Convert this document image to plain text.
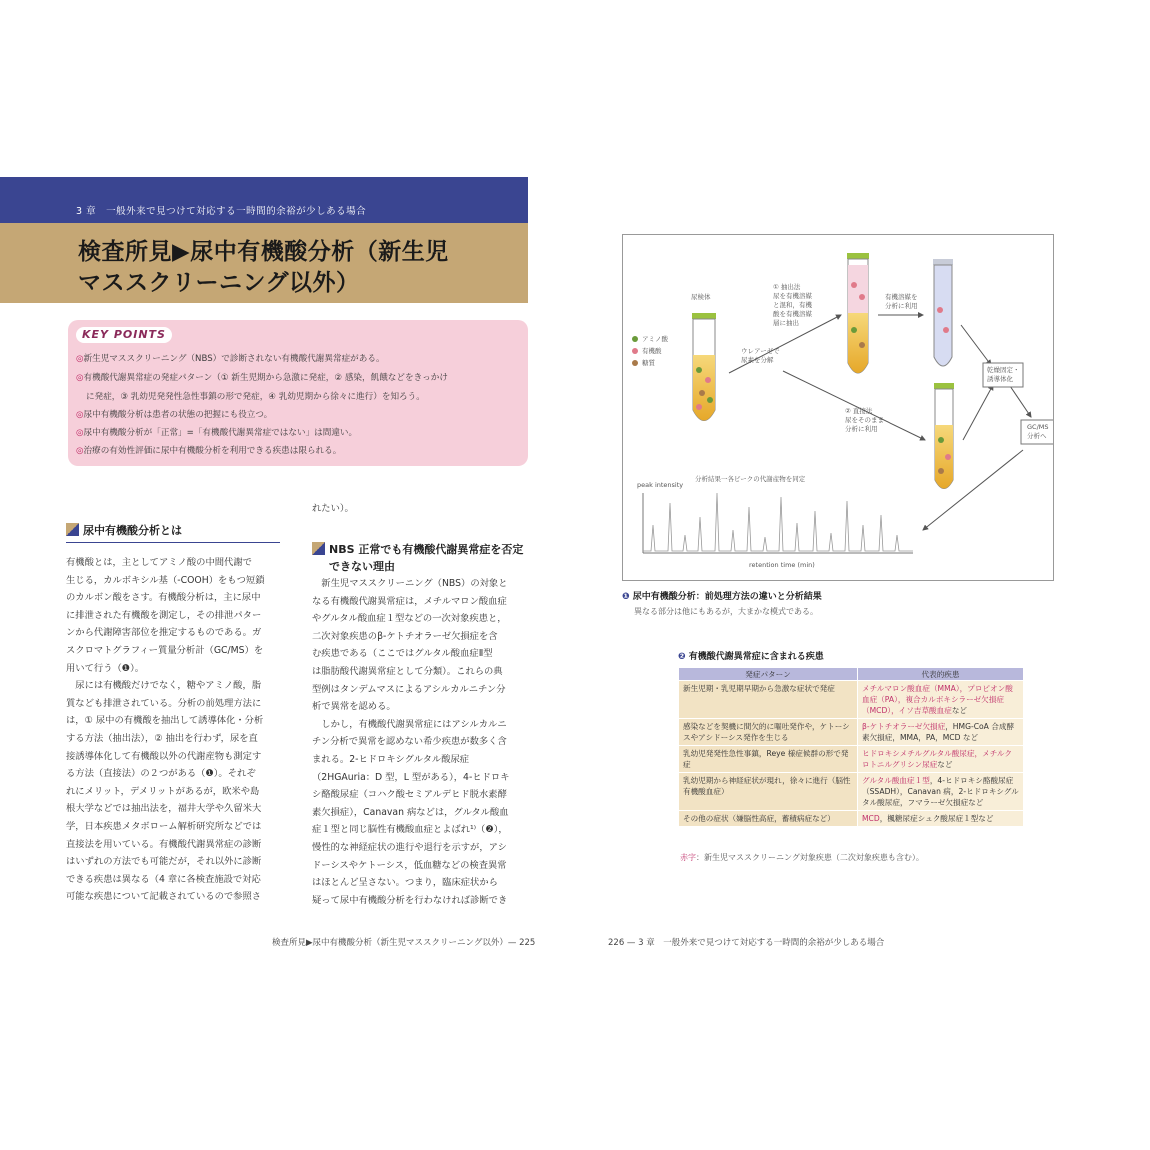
3 章　一般外来で見つけて対応する一時間的余裕が少しある場合
検査所見▶尿中有機酸分析（新生児
マススクリーニング以外）
KEY POINTS
◎新生児マススクリーニング（NBS）で診断されない有機酸代謝異常症がある。
◎有機酸代謝異常症の発症パターン（① 新生児期から急激に発症，② 感染，飢餓などをきっかけ
に発症，③ 乳幼児発発性急性事鎮の形で発症，④ 乳幼児期から徐々に進行）を知ろう。
◎尿中有機酸分析は患者の状態の把握にも役立つ。
◎尿中有機酸分析が「正常」=「有機酸代謝異常症ではない」は間違い。
◎治療の有効性評価に尿中有機酸分析を利用できる疾患は限られる。
尿中有機酸分析とは
有機酸とは，主としてアミノ酸の中間代謝で
生じる，カルボキシル基（-COOH）をもつ短鎖
のカルボン酸をさす。有機酸分析は，主に尿中
に排泄された有機酸を測定し，その排泄パター
ンから代謝障害部位を推定するものである。ガ
スクロマトグラフィー質量分析計（GC/MS）を
用いて行う（❶）。
　尿には有機酸だけでなく，糖やアミノ酸，脂
質なども排泄されている。分析の前処理方法に
は，① 尿中の有機酸を抽出して誘導体化・分析
する方法（抽出法），② 抽出を行わず，尿を直
接誘導体化して有機酸以外の代謝産物も測定す
る方法（直接法）の２つがある（❶）。それぞ
れにメリット，デメリットがあるが，欧米や島
根大学などでは抽出法を，福井大学や久留米大
学，日本疾患メタボローム解析研究所などでは
直接法を用いている。有機酸代謝異常症の診断
はいずれの方法でも可能だが，それ以外に診断
できる疾患は異なる（4 章に各検査施設で対応
可能な疾患について記載されているので参照さ
れたい）。
NBS 正常でも有機酸代謝異常症を否定
できない理由
　新生児マススクリーニング（NBS）の対象と
なる有機酸代謝異常症は，メチルマロン酸血症
やグルタル酸血症１型などの一次対象疾患と，
二次対象疾患のβ-ケトチオラーゼ欠損症を含
む疾患である（ここではグルタル酸血症Ⅱ型
は脂肪酸代謝異常症として分類）。これらの典
型例はタンデムマスによるアシルカルニチン分
析で異常を認める。
　しかし，有機酸代謝異常症にはアシルカルニ
チン分析で異常を認めない希少疾患が数多く含
まれる。2-ヒドロキシグルタル酸尿症
（2HGAuria：D 型，L 型がある），4-ヒドロキ
シ酪酸尿症（コハク酸セミアルデヒド脱水素酵
素欠損症），Canavan 病などは，グルタル酸血
症１型と同じ脳性有機酸血症とよばれ¹⁾（❷），
慢性的な神経症状の進行や退行を示すが，アシ
ドーシスやケトーシス，低血糖などの検査異常
はほとんど呈さない。つまり，臨床症状から
疑って尿中有機酸分析を行わなければ診断でき
検査所見▶尿中有機酸分析（新生児マススクリーニング以外）— 225
尿検体
アミノ酸
有機酸
糖質
ウレアーゼで
尿素を分解
① 抽出法
尿を有機溶媒
と混和，有機
酸を有機溶媒
層に抽出
有機溶媒を
分析に利用
② 直接法
尿をそのまま
分析に利用
乾燥固定・
誘導体化
GC/MS
分析へ
分析結果一各ピークの代謝産物を同定
peak intensity
retention time (min)
❶ 尿中有機酸分析：前処理方法の違いと分析結果
異なる部分は他にもあるが，大まかな模式である。
❷ 有機酸代謝異常症に含まれる疾患
発症パターン	代表的疾患
新生児期・乳児期早期から急激な症状で発症	メチルマロン酸血症（MMA），プロピオン酸血症（PA），複合カルボキシラーゼ欠損症（MCD），イソ吉草酸血症など
感染などを契機に間欠的に嘔吐発作や，ケトーシスやアシドーシス発作を生じる	β-ケトチオラーゼ欠損症，HMG-CoA 合成酵素欠損症，MMA，PA，MCD など
乳幼児発発性急性事鎮，Reye 様症候群の形で発症	ヒドロキシメチルグルタル酸尿症，メチルクロトニルグリシン尿症など
乳幼児期から神経症状が現れ，徐々に進行（脳性有機酸血症）	グルタル酸血症１型，4-ヒドロキシ酪酸尿症（SSADH），Canavan 病，2-ヒドロキシグルタル酸尿症，フマラーゼ欠損症など
その他の症状（嫌脳性高症，蓄積病症など）	MCD，楓糖尿症シュク酸尿症１型など
赤字：新生児マススクリーニング対象疾患（二次対象疾患も含む）。
226 — 3 章　一般外来で見つけて対応する一時間的余裕が少しある場合
